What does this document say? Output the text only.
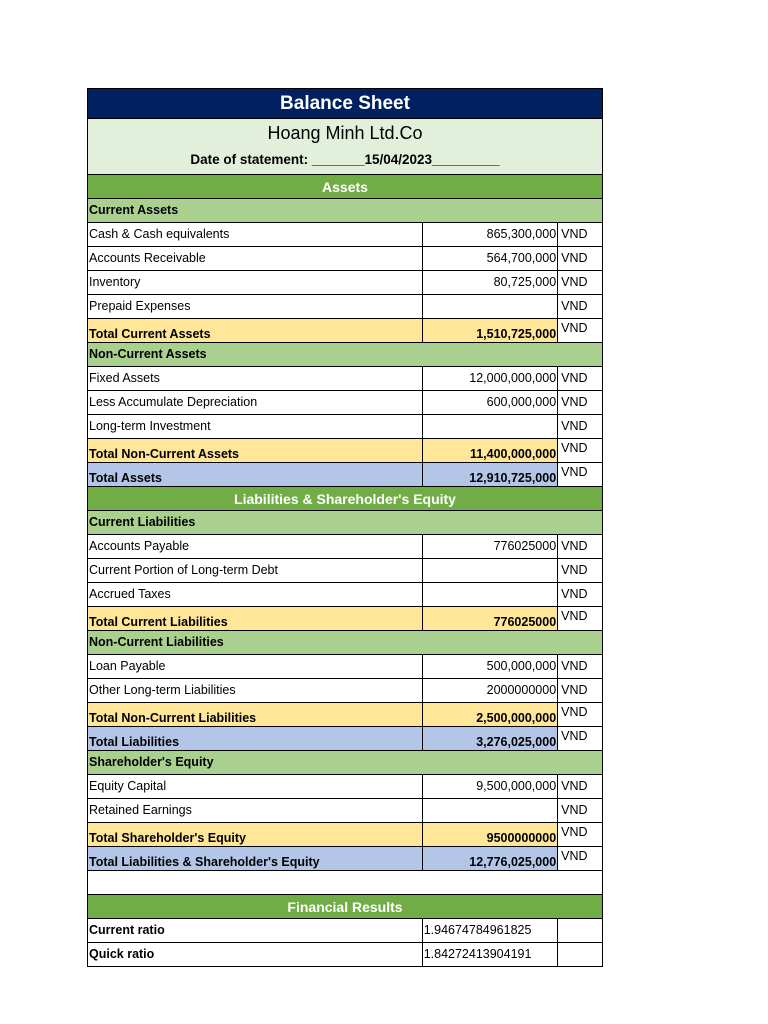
Balance Sheet
Hoang Minh Ltd.Co
Date of statement: _______15/04/2023_________
Assets
Current Assets
Cash & Cash equivalents	865,300,000 VND
Accounts Receivable	564,700,000 VND
Inventory	80,725,000 VND
Prepaid Expenses	VND
Total Current Assets	1,510,725,000 VND
Non-Current Assets
Fixed Assets	12,000,000,000 VND
Less Accumulate Depreciation	600,000,000 VND
Long-term Investment	VND
Total Non-Current Assets	11,400,000,000 VND
Total Assets	12,910,725,000 VND
Liabilities & Shareholder's Equity
Current Liabilities
Accounts Payable	776025000 VND
Current Portion of Long-term Debt	VND
Accrued Taxes	VND
Total Current Liabilities	776025000 VND
Non-Current Liabilities
Loan Payable	500,000,000 VND
Other Long-term Liabilities	2000000000 VND
Total Non-Current Liabilities	2,500,000,000 VND
Total Liabilities	3,276,025,000 VND
Shareholder's Equity
Equity Capital	9,500,000,000 VND
Retained Earnings	VND
Total Shareholder's Equity	9500000000 VND
Total Liabilities & Shareholder's Equity	12,776,025,000 VND
Financial Results
Current ratio	1.94674784961825
Quick ratio	1.84272413904191
